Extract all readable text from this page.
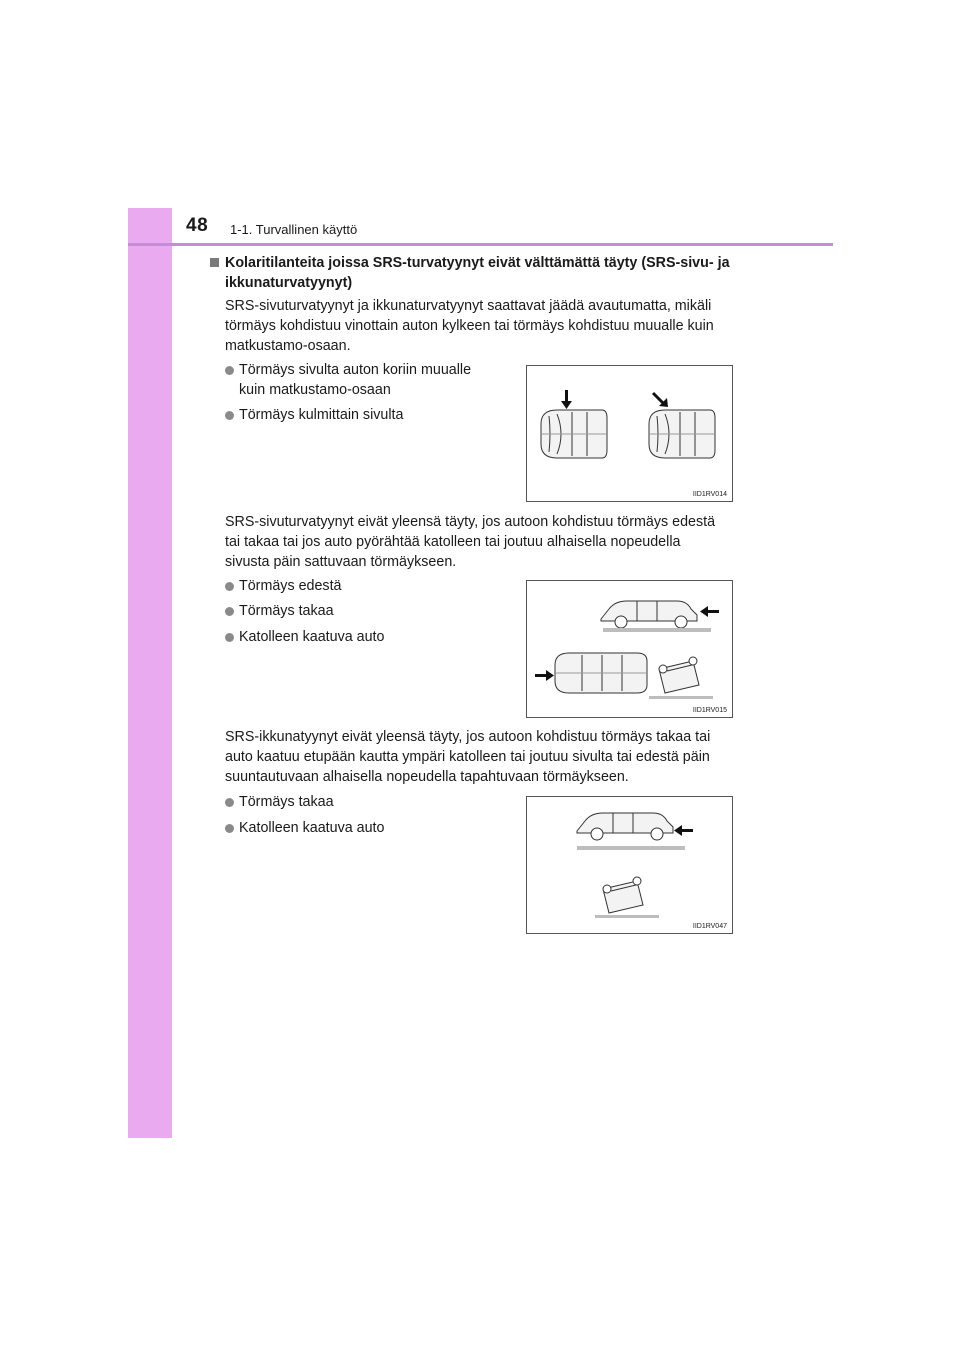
48 1-1. Turvallinen käyttö
Kolaritilanteita joissa SRS-turvatyynyt eivät välttämättä täyty (SRS-sivu- ja
ikkunaturvatyynyt)
SRS-sivuturvatyynyt ja ikkunaturvatyynyt saattavat jäädä avautumatta, mikäli
törmäys kohdistuu vinottain auton kylkeen tai törmäys kohdistuu muualle kuin
matkustamo-osaan.
Törmäys sivulta auton koriin muualle
kuin matkustamo-osaan
Törmäys kulmittain sivulta
IID1RV014
SRS-sivuturvatyynyt eivät yleensä täyty, jos autoon kohdistuu törmäys edestä
tai takaa tai jos auto pyörähtää katolleen tai joutuu alhaisella nopeudella
sivusta päin sattuvaan törmäykseen.
Törmäys edestä
Törmäys takaa
Katolleen kaatuva auto
IID1RV015
SRS-ikkunatyynyt eivät yleensä täyty, jos autoon kohdistuu törmäys takaa tai
auto kaatuu etupään kautta ympäri katolleen tai joutuu sivulta tai edestä päin
suuntautuvaan alhaisella nopeudella tapahtuvaan törmäykseen.
Törmäys takaa
Katolleen kaatuva auto
IID1RV047
